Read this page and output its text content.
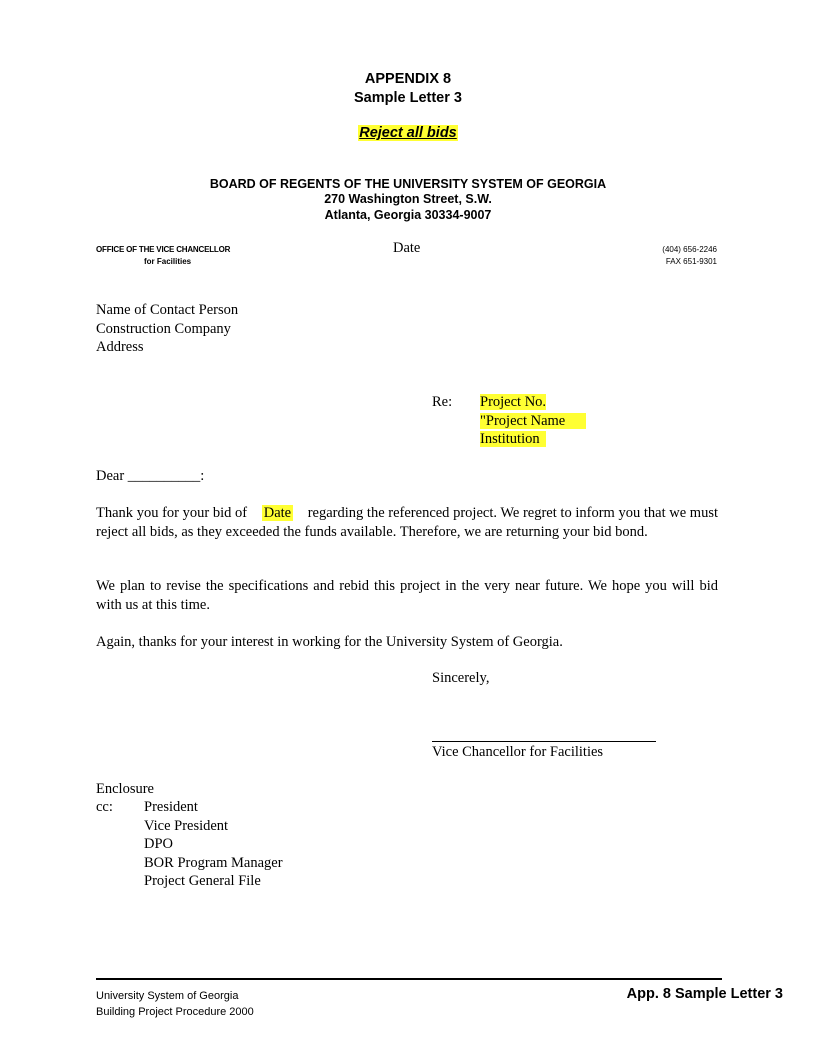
APPENDIX 8
Sample Letter 3
Reject all bids
BOARD OF REGENTS OF THE UNIVERSITY SYSTEM OF GEORGIA
270 Washington Street, S.W.
Atlanta, Georgia 30334-9007
OFFICE OF THE VICE CHANCELLOR
for Facilities
Date	(404) 656-2246
FAX 651-9301
Name of Contact Person
Construction Company
Address
Re: Project No.
"Project Name
Institution
Dear __________:
Thank you for your bid of Date regarding the referenced project. We regret to inform you that we must reject all bids, as they exceeded the funds available. Therefore, we are returning your bid bond.
We plan to revise the specifications and rebid this project in the very near future. We hope you will bid with us at this time.
Again, thanks for your interest in working for the University System of Georgia.
Sincerely,
Vice Chancellor for Facilities
Enclosure
cc: President
Vice President
DPO
BOR Program Manager
Project General File
University System of Georgia
Building Project Procedure 2000
App. 8 Sample Letter 3
